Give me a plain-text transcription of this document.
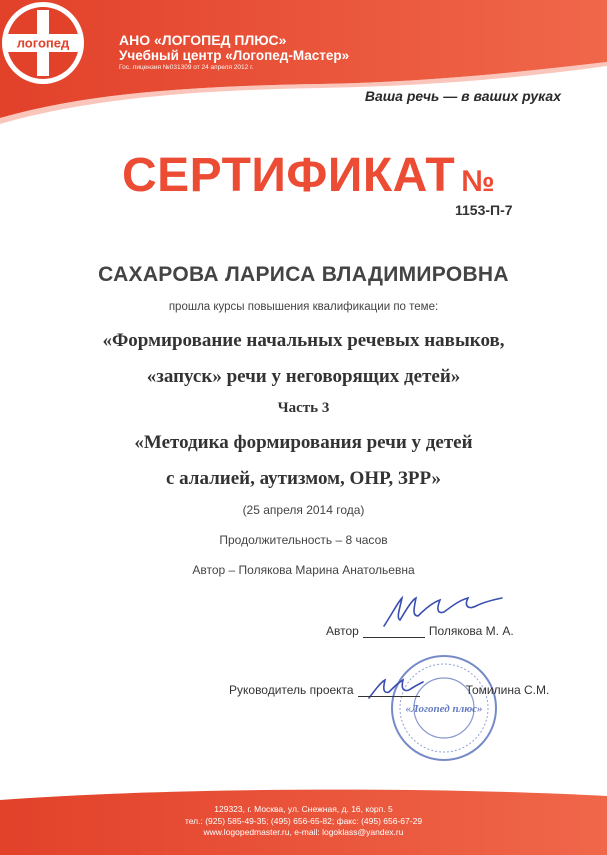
логопед	АНО «ЛОГОПЕД ПЛЮС»
Учебный центр «Логопед-Мастер»
Гос. лицензия №031309 от 24 апреля 2012 г.
Ваша речь — в ваших руках
СЕРТИФИКАТ №
1153-П-7
САХАРОВА ЛАРИСА ВЛАДИМИРОВНА
прошла курсы повышения квалификации по теме:
«Формирование начальных речевых навыков,
«запуск» речи у неговорящих детей»
Часть 3
«Методика формирования речи у детей
с алалией, аутизмом, ОНР, ЗРР»
(25 апреля 2014 года)
Продолжительность – 8 часов
Автор – Полякова Марина Анатольевна
Автор	Полякова М. А.
«Логопед плюс»
Руководитель проекта	Томилина С.М.
129323, г. Москва, ул. Снежная, д. 16, корп. 5
тел.: (925) 585-49-35; (495) 656-65-82; факс: (495) 656-67-29
www.logopedmaster.ru, e-mail: logoklass@yandex.ru
